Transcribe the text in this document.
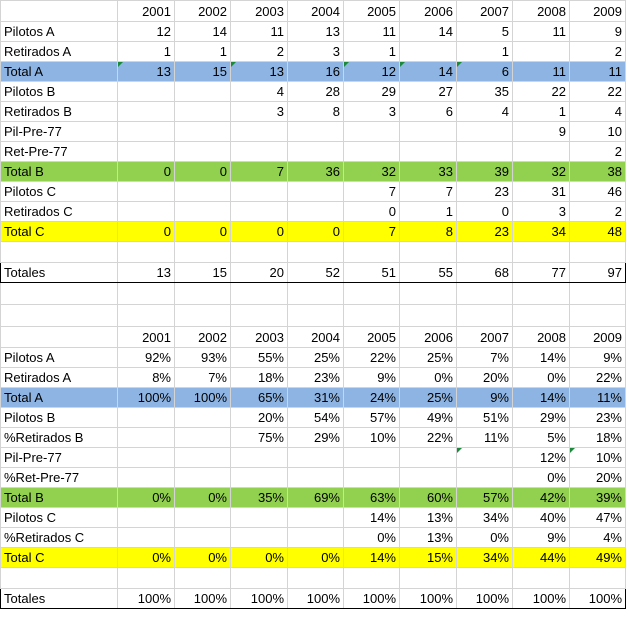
	2001	2002	2003	2004	2005	2006	2007	2008	2009
Pilotos A	12	14	11	13	11	14	5	11	9
Retirados A	1	1	2	3	1		1		2
Total A	13	15	13	16	12	14	6	11	11
Pilotos B			4	28	29	27	35	22	22
Retirados B			3	8	3	6	4	1	4
Pil-Pre-77								9	10
Ret-Pre-77									2
Total B	0	0	7	36	32	33	39	32	38
Pilotos C					7	7	23	31	46
Retirados C					0	1	0	3	2
Total C	0	0	0	0	7	8	23	34	48

Totales	13	15	20	52	51	55	68	77	97

	2001	2002	2003	2004	2005	2006	2007	2008	2009
Pilotos A	92%	93%	55%	25%	22%	25%	7%	14%	9%
Retirados A	8%	7%	18%	23%	9%	0%	20%	0%	22%
Total A	100%	100%	65%	31%	24%	25%	9%	14%	11%
Pilotos B			20%	54%	57%	49%	51%	29%	23%
%Retirados B			75%	29%	10%	22%	11%	5%	18%
Pil-Pre-77								12%	10%
%Ret-Pre-77								0%	20%
Total B	0%	0%	35%	69%	63%	60%	57%	42%	39%
Pilotos C					14%	13%	34%	40%	47%
%Retirados C					0%	13%	0%	9%	4%
Total C	0%	0%	0%	0%	14%	15%	34%	44%	49%

Totales	100%	100%	100%	100%	100%	100%	100%	100%	100%
